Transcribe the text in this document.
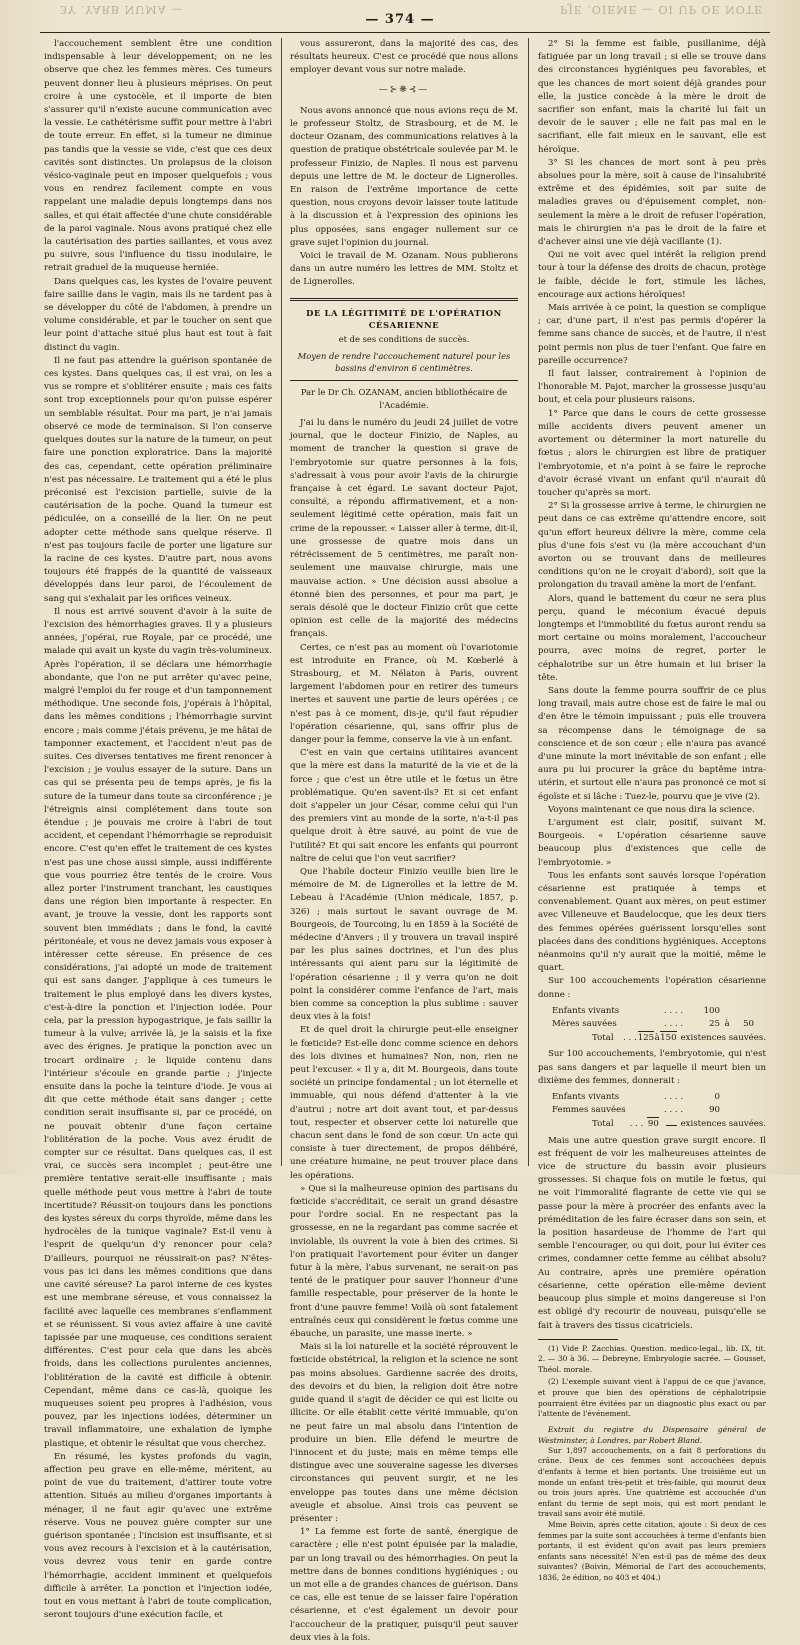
3Y .YARB NUMA —	PJE .OIEME — OI UP OE NOTE
— 374 —

l'accouchement semblent être une condition indispensable à leur développement; on ne les observe que chez les femmes mères. Ces tumeurs peuvent donner lieu à plusieurs méprises. On peut croire à une cystocèle, et il importe de bien s'assurer qu'il n'existe aucune communication avec la vessie. Le cathétérisme suffit pour mettre à l'abri de toute erreur. En effet, si la tumeur ne diminue pas tandis que la vessie se vide, c'est que ces deux cavités sont distinctes. Un prolapsus de la cloison vésico-vaginale peut en imposer quelquefois ; vous vous en rendrez facilement compte en vous rappelant une maladie depuis longtemps dans nos salles, et qui était affectée d'une chute considérable de la paroi vaginale. Nous avons pratiqué chez elle la cautérisation des parties saillantes, et vous avez pu suivre, sous l'influence du tissu inodulaire, le retrait graduel de la muqueuse herniée.

Dans quelques cas, les kystes de l'ovaire peuvent faire saillie dans le vagin, mais ils ne tardent pas à se développer du côté de l'abdomen, à prendre un volume considérable, et par le toucher on sent que leur point d'attache situé plus haut est tout à fait distinct du vagin.

Il ne faut pas attendre la guérison spontanée de ces kystes. Dans quelques cas, il est vrai, on les a vus se rompre et s'oblitérer ensuite ; mais ces faits sont trop exceptionnels pour qu'on puisse espérer un semblable résultat. Pour ma part, je n'ai jamais observé ce mode de terminaison. Si l'on conserve quelques doutes sur la nature de la tumeur, on peut faire une ponction exploratrice. Dans la majorité des cas, cependant, cette opération préliminaire n'est pas nécessaire. Le traitement qui a été le plus préconisé est l'excision partielle, suivie de la cautérisation de la poche. Quand la tumeur est pédiculée, on a conseillé de la lier. On ne peut adopter cette méthode sans quelque réserve. Il n'est pas toujours facile de porter une ligature sur la racine de ces kystes. D'autre part, nous avons toujours été frappés de la quantité de vaisseaux développés dans leur paroi, de l'écoulement de sang qui s'exhalait par les orifices veineux.

Il nous est arrivé souvent d'avoir à la suite de l'excision des hémorrhagies graves. Il y a plusieurs années, j'opérai, rue Royale, par ce procédé, une malade qui avait un kyste du vagin très-volumineux. Après l'opération, il se déclara une hémorrhagie abondante, que l'on ne put arrêter qu'avec peine, malgré l'emploi du fer rouge et d'un tamponnement méthodique. Une seconde fois, j'opérais à l'hôpital, dans les mêmes conditions ; l'hémorrhagie survint encore ; mais comme j'étais prévenu, je me hâtai de tamponner exactement, et l'accident n'eut pas de suites. Ces diverses tentatives me firent renoncer à l'excision ; je voulus essayer de la suture. Dans un cas qui se présenta peu de temps après, je fis la suture de la tumeur dans toute sa circonférence ; je l'étreignis ainsi complétement dans toute son étendue ; je pouvais me croire à l'abri de tout accident, et cependant l'hémorrhagie se reproduisit encore. C'est qu'en effet le traitement de ces kystes n'est pas une chose aussi simple, aussi indifférente que vous pourriez être tentés de le croire. Vous allez porter l'instrument tranchant, les caustiques dans une région bien importante à respecter. En avant, je trouve la vessie, dont les rapports sont souvent bien immédiats ; dans le fond, la cavité péritonéale, et vous ne devez jamais vous exposer à intéresser cette séreuse. En présence de ces considérations, j'ai adopté un mode de traitement qui est sans danger. J'applique à ces tumeurs le traitement le plus employé dans les divers kystes, c'est-à-dire la ponction et l'injection iodée. Pour cela, par la pression hypogastrique, je fais saillir la tumeur à la vulve; arrivée là, je la saisis et la fixe avec des érignes. Je pratique la ponction avec un trocart ordinaire ; le liquide contenu dans l'intérieur s'écoule en grande partie ; j'injecte ensuite dans la poche la teinture d'iode. Je vous ai dit que cette méthode était sans danger ; cette condition serait insuffisante si, par ce procédé, on ne pouvait obtenir d'une façon certaine l'oblitération de la poche. Vous avez érudit de compter sur ce résultat. Dans quelques cas, il est vrai, ce succès sera incomplet ; peut-être une première tentative serait-elle insuffisante ; mais quelle méthode peut vous mettre à l'abri de toute incertitude? Réussit-on toujours dans les ponctions des kystes séreux du corps thyroïde, même dans les hydrocèles de la tunique vaginale? Est-il venu à l'esprit de quelqu'un d'y renoncer pour cela? D'ailleurs, pourquoi ne réussirait-on pas? N'êtes-vous pas ici dans les mêmes conditions que dans une cavité séreuse? La paroi interne de ces kystes est une membrane séreuse, et vous connaissez la facilité avec laquelle ces membranes s'enflamment et se réunissent. Si vous aviez affaire à une cavité tapissée par une muqueuse, ces conditions seraient différentes. C'est pour cela que dans les abcès froids, dans les collections purulentes anciennes, l'oblitération de la cavité est difficile à obtenir. Cependant, même dans ce cas-là, quoique les muqueuses soient peu propres à l'adhésion, vous pouvez, par les injections iodées, déterminer un travail inflammatoire, une exhalation de lymphe plastique, et obtenir le résultat que vous cherchez.

En résumé, les kystes profonds du vagin, affection peu grave en elle-même, méritent, au point de vue du traitement, d'attirer toute votre attention. Situés au milieu d'organes importants à ménager, il ne faut agir qu'avec une extrême réserve. Vous ne pouvez guère compter sur une guérison spontanée ; l'incision est insuffisante, et si vous avez recours à l'excision et à la cautérisation, vous devrez vous tenir en garde contre l'hémorrhagie, accident imminent et quelquefois difficile à arrêter. La ponction et l'injection iodée, tout en vous mettant à l'abri de toute complication, seront toujours d'une exécution facile, et

vous assureront, dans la majorité des cas, des résultats heureux. C'est ce procédé que nous allons employer devant vous sur notre malade.

—⊱❋⊰—

Nous avons annoncé que nous avions reçu de M. le professeur Stoltz, de Strasbourg, et de M. le docteur Ozanam, des communications relatives à la question de pratique obstétricale soulevée par M. le professeur Finizio, de Naples. Il nous est parvenu depuis une lettre de M. le docteur de Lignerolles. En raison de l'extrême importance de cette question, nous croyons devoir laisser toute latitude à la discussion et à l'expression des opinions les plus opposées, sans engager nullement sur ce grave sujet l'opinion du journal.

Voici le travail de M. Ozanam. Nous publierons dans un autre numéro les lettres de MM. Stoltz et de Lignerolles.

DE LA LÉGITIMITÉ DE L'OPÉRATION CÉSARIENNE
et de ses conditions de succès.
Moyen de rendre l'accouchement naturel pour les bassins d'environ 6 centimètres.
Par le Dr Ch. OZANAM, ancien bibliothécaire de l'Académie.

J'ai lu dans le numéro du jeudi 24 juillet de votre journal, que le docteur Finizio, de Naples, au moment de trancher la question si grave de l'embryotomie sur quatre personnes à la fois, s'adressait à vous pour avoir l'avis de la chirurgie française à cet égard. Le savant docteur Pajot, consulté, a répondu affirmativement, et a non-seulement légitimé cette opération, mais fait un crime de la repousser. « Laisser aller à terme, dit-il, une grossesse de quatre mois dans un rétrécissement de 5 centimètres, me paraît non-seulement une mauvaise chirurgie, mais une mauvaise action. » Une décision aussi absolue a étonné bien des personnes, et pour ma part, je serais désolé que le docteur Finizio crût que cette opinion est celle de la majorité des médecins français.

Certes, ce n'est pas au moment où l'ovariotomie est introduite en France, où M. Kœberlé à Strasbourg, et M. Nélaton à Paris, ouvrent largement l'abdomen pour en retirer des tumeurs inertes et sauvent une partie de leurs opérées ; ce n'est pas à ce moment, dis-je, qu'il faut répudier l'opération césarienne, qui, sans offrir plus de danger pour la femme, conserve la vie à un enfant.

C'est en vain que certains utilitaires avancent que la mère est dans la maturité de la vie et de la force ; que c'est un être utile et le fœtus un être problématique. Qu'en savent-ils? Et si cet enfant doit s'appeler un jour César, comme celui qui l'un des premiers vint au monde de la sorte, n'a-t-il pas quelque droit à être sauvé, au point de vue de l'utilité? Et qui sait encore les enfants qui pourront naître de celui que l'on veut sacrifier?

Que l'habile docteur Finizio veuille bien lire le mémoire de M. de Lignerolles et la lettre de M. Lebeau à l'Académie (Union médicale, 1857, p. 326) ; mais surtout le savant ouvrage de M. Bourgeois, de Tourcoing, lu en 1859 à la Société de médecine d'Anvers ; il y trouvera un travail inspiré par les plus saines doctrines, et l'un des plus intéressants qui aient paru sur la légitimité de l'opération césarienne ; il y verra qu'on ne doit point la considérer comme l'enfance de l'art, mais bien comme sa conception la plus sublime : sauver deux vies à la fois!

Et de quel droit la chirurgie peut-elle enseigner le fœticide? Est-elle donc comme science en dehors des lois divines et humaines? Non, non, rien ne peut l'excuser. « Il y a, dit M. Bourgeois, dans toute société un principe fondamental ; un lot éternelle et immuable, qui nous défend d'attenter à la vie d'autrui ; notre art doit avant tout, et par-dessus tout, respecter et observer cette loi naturelle que chacun sent dans le fond de son cœur. Un acte qui consiste à tuer directement, de propos délibéré, une créature humaine, ne peut trouver place dans les opérations.

» Que si la malheureuse opinion des partisans du fœticide s'accréditait, ce serait un grand désastre pour l'ordre social. En ne respectant pas la grossesse, en ne la regardant pas comme sacrée et inviolable, ils ouvrent la voie à bien des crimes. Si l'on pratiquait l'avortement pour éviter un danger futur à la mère, l'abus survenant, ne serait-on pas tenté de le pratiquer pour sauver l'honneur d'une famille respectable, pour préserver de la honte le front d'une pauvre femme! Voilà où sont fatalement entraînés ceux qui considèrent le fœtus comme une ébauche, un parasite, une masse inerte. »

Mais si la loi naturelle et la société réprouvent le fœticide obstétrical, la religion et la science ne sont pas moins absolues. Gardienne sacrée des droits, des devoirs et du bien, la religion doit être notre guide quand il s'agit de décider ce qui est licite ou illicite. Or elle établit cette vérité immuable, qu'on ne peut faire un mal absolu dans l'intention de produire un bien. Elle défend le meurtre de l'innocent et du juste; mais en même temps elle distingue avec une souveraine sagesse les diverses circonstances qui peuvent surgir, et ne les enveloppe pas toutes dans une même décision aveugle et absolue. Ainsi trois cas peuvent se présenter :

1° La femme est forte de santé, énergique de caractère ; elle n'est point épuisée par la maladie, par un long travail ou des hémorrhagies. On peut la mettre dans de bonnes conditions hygiéniques ; ou un mot elle a de grandes chances de guérison. Dans ce cas, elle est tenue de se laisser faire l'opération césarienne, et c'est également un devoir pour l'accoucheur de la pratiquer, puisqu'il peut sauver deux vies à la fois.

2° Si la femme est faible, pusillanime, déjà fatiguée par un long travail ; si elle se trouve dans des circonstances hygiéniques peu favorables, et que les chances de mort soient déjà grandes pour elle, la justice concède à la mère le droit de sacrifier son enfant, mais la charité lui fait un devoir de le sauver ; elle ne fait pas mal en le sacrifiant, elle fait mieux en le sauvant, elle est héroïque.

3° Si les chances de mort sont à peu près absolues pour la mère, soit à cause de l'insalubrité extrême et des épidémies, soit par suite de maladies graves ou d'épuisement complet, non-seulement la mère a le droit de refuser l'opération, mais le chirurgien n'a pas le droit de la faire et d'achever ainsi une vie déjà vacillante (1).

Qui ne voit avec quel intérêt la religion prend tour à tour la défense des droits de chacun, protège le faible, décide le fort, stimule les lâches, encourage aux actions héroïques!

Mais arrivée à ce point, la question se complique ; car, d'une part, il n'est pas permis d'opérer la femme sans chance de succès, et de l'autre, il n'est point permis non plus de tuer l'enfant. Que faire en pareille occurrence?

Il faut laisser, contrairement à l'opinion de l'honorable M. Pajot, marcher la grossesse jusqu'au bout, et cela pour plusieurs raisons.

1° Parce que dans le cours de cette grossesse mille accidents divers peuvent amener un avortement ou déterminer la mort naturelle du fœtus ; alors le chirurgien est libre de pratiquer l'embryotomie, et n'a point à se faire le reproche d'avoir écrasé vivant un enfant qu'il n'aurait dû toucher qu'après sa mort.

2° Si la grossesse arrive à terme, le chirurgien ne peut dans ce cas extrême qu'attendre encore, soit qu'un effort heureux délivre la mère, comme cela plus d'une fois s'est vu (la mère accouchant d'un avorton ou se trouvant dans de meilleures conditions qu'on ne le croyait d'abord), soit que la prolongation du travail amène la mort de l'enfant.

Alors, quand le battement du cœur ne sera plus perçu, quand le méconium évacué depuis longtemps et l'immobilité du fœtus auront rendu sa mort certaine ou moins moralement, l'accoucheur pourra, avec moins de regret, porter le céphalotribe sur un être humain et lui briser la tête.

Sans doute la femme pourra souffrir de ce plus long travail, mais autre chose est de faire le mal ou d'en être le témoin impuissant ; puis elle trouvera sa récompense dans le témoignage de sa conscience et de son cœur ; elle n'aura pas avancé d'une minute la mort inévitable de son enfant ; elle aura pu lui procurer la grâce du baptême intra-utérin, et surtout elle n'aura pas prononcé ce mot si égoïste et si lâche : Tuez-le, pourvu que je vive (2).

Voyons maintenant ce que nous dira la science.

L'argument est clair, positif, suivant M. Bourgeois. « L'opération césarienne sauve beaucoup plus d'existences que celle de l'embryotomie. »

Tous les enfants sont sauvés lorsque l'opération césarienne est pratiquée à temps et convenablement. Quant aux mères, on peut estimer avec Villeneuve et Baudelocque, que les deux tiers des femmes opérées guérissent lorsqu'elles sont placées dans des conditions hygiéniques. Acceptons néanmoins qu'il n'y aurait que la moitié, même le quart.

Sur 100 accouchements l'opération césarienne donne :

Enfants vivants	. . . .	100
Mères sauvées	. . . .	25 à	50
Total	. . . 125 à 150 existences sauvées.

Sur 100 accouchements, l'embryotomie, qui n'est pas sans dangers et par laquelle il meurt bien un dixième des femmes, donnerait :

Enfants vivants	. . . .	0
Femmes sauvées	. . . .	90
Total	. . . 90	existences sauvées.

Mais une autre question grave surgit encore. Il est fréquent de voir les malheureuses atteintes de vice de structure du bassin avoir plusieurs grossesses. Si chaque fois on mutile le fœtus, qui ne voit l'immoralité flagrante de cette vie qui se passe pour la mère à procréer des enfants avec la préméditation de les faire écraser dans son sein, et la position hasardeuse de l'homme de l'art qui semble l'encourager, ou qui doit, pour lui éviter ces crimes, condamner cette femme au célibat absolu? Au contraire, après une première opération césarienne, cette opération elle-même devient beaucoup plus simple et moins dangereuse si l'on est obligé d'y recourir de nouveau, puisqu'elle se fait à travers des tissus cicatriciels.

(1) Vide P. Zacchias. Question. medico-legal., lib. IX, tit. 2. — 30 à 36. — Debreyne, Embryologie sacrée. — Gousset, Théol. morale.
(2) L'exemple suivant vient à l'appui de ce que j'avance, et prouve que bien des opérations de céphalotripsie pourraient être évitées par un diagnostic plus exact ou par l'attente de l'événement.
Extrait du registre du Dispensaire général de Westminster, à Londres, par Robert Bland.
Sur 1,897 accouchements, on a fait 8 perforations du crâne. Deux de ces femmes sont accouchées depuis d'enfants à terme et bien portants. Une troisième eut un monde un enfant très-petit et très-faible, qui mourut deux ou trois jours après. Une quatrième est accouchée d'un enfant du terme de sept mois, qui est mort pendant le travail sans avoir été mutilé.
Mme Boivin, après cette citation, ajoute : Si deux de ces femmes par la suite sont accouchées à terme d'enfants bien portants, il est évident qu'on avait pas leurs premiers enfants sans nécessité! N'en est-il pas de même des deux suivantes? (Boivin, Mémorial de l'art des accouchements, 1836, 2e édition, no 403 et 404.)
